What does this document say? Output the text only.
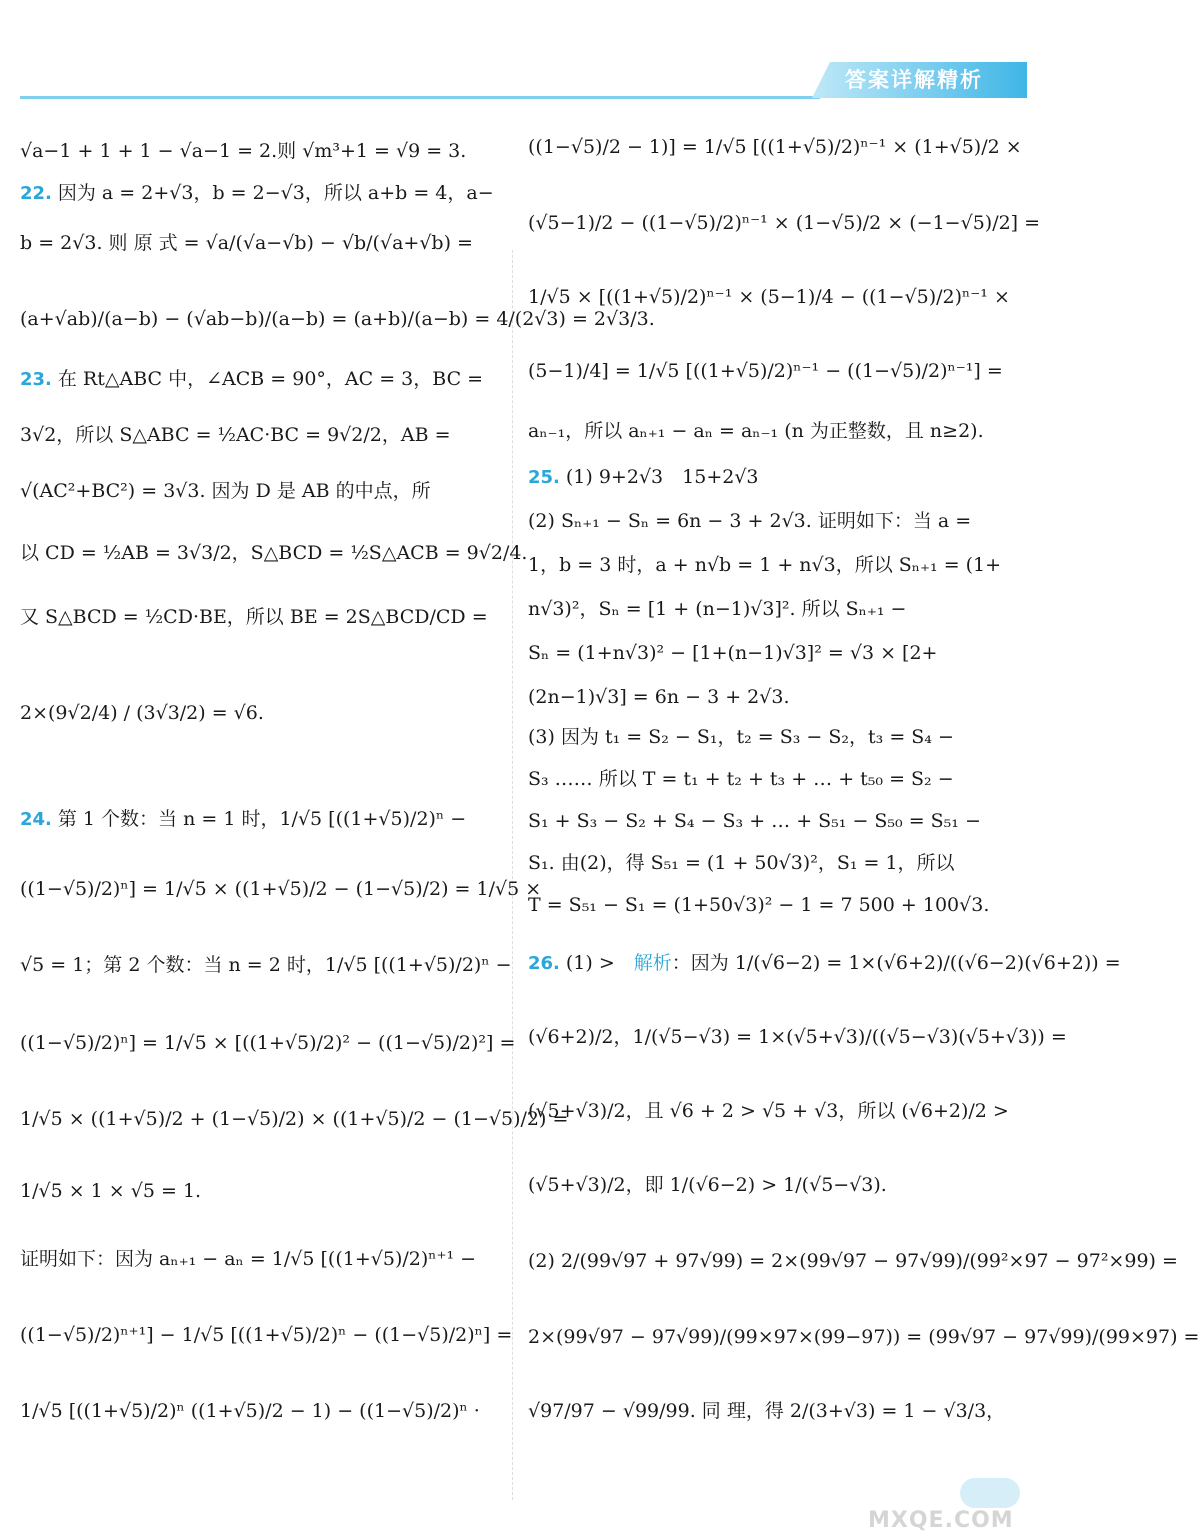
答案详解精析
√a−1 + 1 + 1 − √a−1 = 2.则 √m³+1 = √9 = 3.
22. 因为 a = 2+√3，b = 2−√3，所以 a+b = 4，a−
b = 2√3. 则 原 式 = √a/(√a−√b) − √b/(√a+√b) =
(a+√ab)/(a−b) − (√ab−b)/(a−b) = (a+b)/(a−b) = 4/(2√3) = 2√3/3.
23. 在 Rt△ABC 中，∠ACB = 90°，AC = 3，BC =
3√2，所以 S△ABC = ½AC·BC = 9√2/2，AB =
√(AC²+BC²) = 3√3. 因为 D 是 AB 的中点，所
以 CD = ½AB = 3√3/2，S△BCD = ½S△ACB = 9√2/4.
又 S△BCD = ½CD·BE，所以 BE = 2S△BCD/CD =
2×(9√2/4) / (3√3/2) = √6.
24. 第 1 个数：当 n = 1 时，1/√5 [((1+√5)/2)ⁿ −
((1−√5)/2)ⁿ] = 1/√5 × ((1+√5)/2 − (1−√5)/2) = 1/√5 ×
√5 = 1；第 2 个数：当 n = 2 时，1/√5 [((1+√5)/2)ⁿ −
((1−√5)/2)ⁿ] = 1/√5 × [((1+√5)/2)² − ((1−√5)/2)²] =
1/√5 × ((1+√5)/2 + (1−√5)/2) × ((1+√5)/2 − (1−√5)/2) =
1/√5 × 1 × √5 = 1.
证明如下：因为 aₙ₊₁ − aₙ = 1/√5 [((1+√5)/2)ⁿ⁺¹ −
((1−√5)/2)ⁿ⁺¹] − 1/√5 [((1+√5)/2)ⁿ − ((1−√5)/2)ⁿ] =
1/√5 [((1+√5)/2)ⁿ ((1+√5)/2 − 1) − ((1−√5)/2)ⁿ ·
((1−√5)/2 − 1)] = 1/√5 [((1+√5)/2)ⁿ⁻¹ × (1+√5)/2 ×
(√5−1)/2 − ((1−√5)/2)ⁿ⁻¹ × (1−√5)/2 × (−1−√5)/2] =
1/√5 × [((1+√5)/2)ⁿ⁻¹ × (5−1)/4 − ((1−√5)/2)ⁿ⁻¹ ×
(5−1)/4] = 1/√5 [((1+√5)/2)ⁿ⁻¹ − ((1−√5)/2)ⁿ⁻¹] =
aₙ₋₁，所以 aₙ₊₁ − aₙ = aₙ₋₁ (n 为正整数，且 n≥2).
25. (1) 9+2√3　15+2√3
(2) Sₙ₊₁ − Sₙ = 6n − 3 + 2√3. 证明如下：当 a =
1，b = 3 时，a + n√b = 1 + n√3，所以 Sₙ₊₁ = (1+
n√3)²，Sₙ = [1 + (n−1)√3]². 所以 Sₙ₊₁ −
Sₙ = (1+n√3)² − [1+(n−1)√3]² = √3 × [2+
(2n−1)√3] = 6n − 3 + 2√3.
(3) 因为 t₁ = S₂ − S₁，t₂ = S₃ − S₂，t₃ = S₄ −
S₃ …… 所以 T = t₁ + t₂ + t₃ + … + t₅₀ = S₂ −
S₁ + S₃ − S₂ + S₄ − S₃ + … + S₅₁ − S₅₀ = S₅₁ −
S₁. 由(2)，得 S₅₁ = (1 + 50√3)²，S₁ = 1，所以
T = S₅₁ − S₁ = (1+50√3)² − 1 = 7 500 + 100√3.
26. (1) >　解析：因为 1/(√6−2) = 1×(√6+2)/((√6−2)(√6+2)) =
(√6+2)/2，1/(√5−√3) = 1×(√5+√3)/((√5−√3)(√5+√3)) =
(√5+√3)/2，且 √6 + 2 > √5 + √3，所以 (√6+2)/2 >
(√5+√3)/2，即 1/(√6−2) > 1/(√5−√3).
(2) 2/(99√97 + 97√99) = 2×(99√97 − 97√99)/(99²×97 − 97²×99) =
2×(99√97 − 97√99)/(99×97×(99−97)) = (99√97 − 97√99)/(99×97) =
√97/97 − √99/99. 同 理，得 2/(3+√3) = 1 − √3/3，
MXQE.COM
